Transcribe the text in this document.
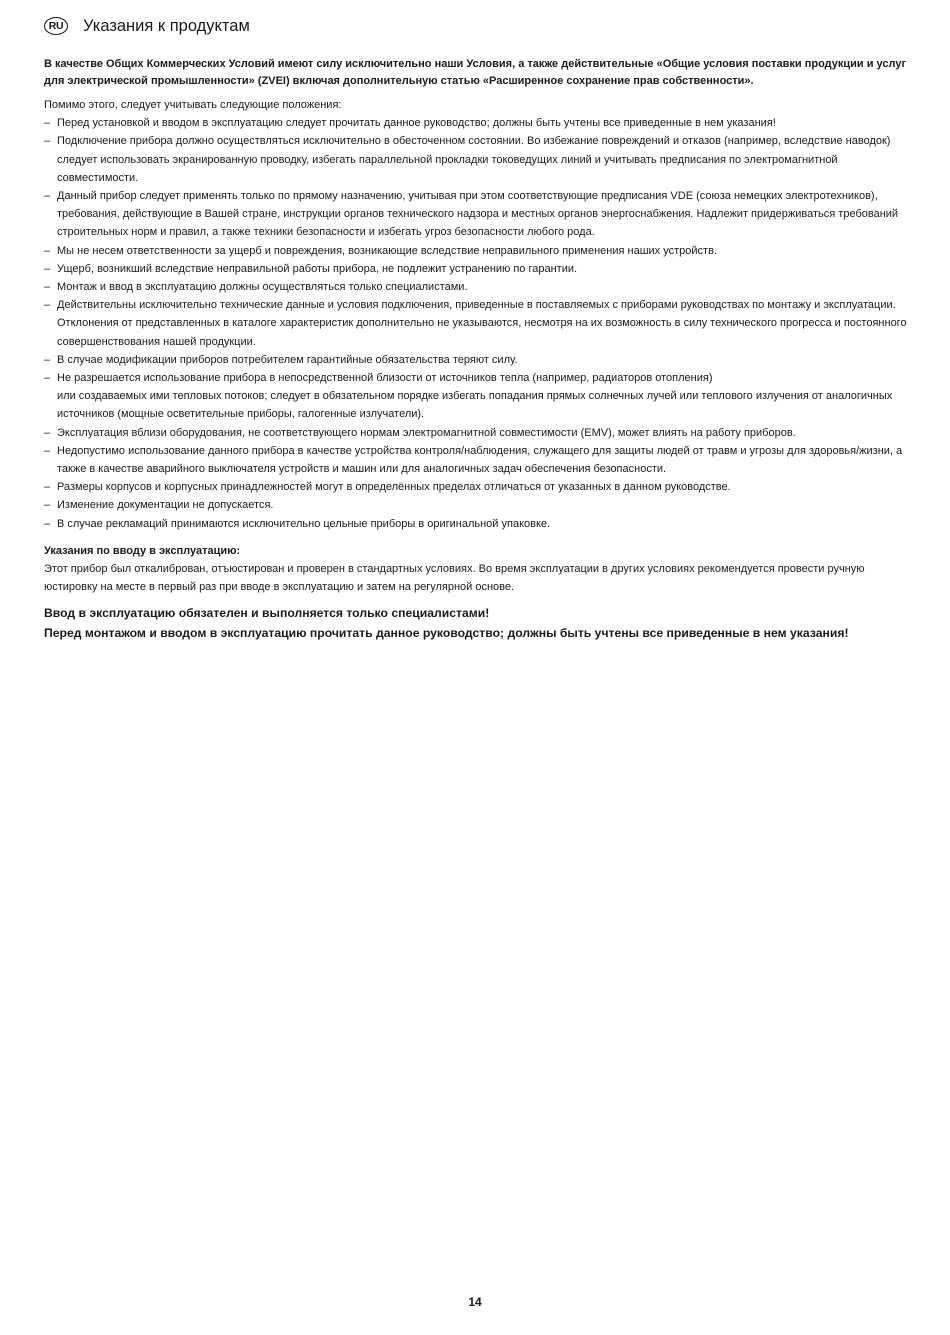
RU Указания к продуктам

В качестве Общих Коммерческих Условий имеют силу исключительно наши Условия, а также действительные «Общие условия поставки продукции и услуг для электрической промышленности» (ZVEI) включая дополнительную статью «Расширенное сохранение прав собственности».

Помимо этого, следует учитывать следующие положения:

– Перед установкой и вводом в эксплуатацию следует прочитать данное руководство; должны быть учтены все приведенные в нем указания!
– Подключение прибора должно осуществляться исключительно в обесточенном состоянии. Во избежание повреждений и отказов (например, вследствие наводок) следует использовать экранированную проводку, избегать параллельной прокладки токоведущих линий и учитывать предписания по электромагнитной совместимости.
– Данный прибор следует применять только по прямому назначению, учитывая при этом соответствующие предписания VDE (союза немецких электротехников), требования, действующие в Вашей стране, инструкции органов технического надзора и местных органов энергоснабжения. Надлежит придерживаться требований строительных норм и правил, а также техники безопасности и избегать угроз безопасности любого рода.
– Мы не несем ответственности за ущерб и повреждения, возникающие вследствие неправильного применения наших устройств.
– Ущерб, возникший вследствие неправильной работы прибора, не подлежит устранению по гарантии.
– Монтаж и ввод в эксплуатацию должны осуществляться только специалистами.
– Действительны исключительно технические данные и условия подключения, приведенные в поставляемых с приборами руководствах по монтажу и эксплуатации. Отклонения от представленных в каталоге характеристик дополнительно не указываются, несмотря на их возможность в силу технического прогресса и постоянного совершенствования нашей продукции.
– В случае модификации приборов потребителем гарантийные обязательства теряют силу.
– Не разрешается использование прибора в непосредственной близости от источников тепла (например, радиаторов отопления)
или создаваемых ими тепловых потоков; следует в обязательном порядке избегать попадания прямых солнечных лучей или теплового излучения от аналогичных источников (мощные осветительные приборы, галогенные излучатели).
– Эксплуатация вблизи оборудования, не соответствующего нормам электромагнитной совместимости (EMV), может влиять на работу приборов.
– Недопустимо использование данного прибора в качестве устройства контроля/наблюдения, служащего для защиты людей от травм и угрозы для здоровья/жизни, а также в качестве аварийного выключателя устройств и машин или для аналогичных задач обеспечения безопасности.
– Размеры корпусов и корпусных принадлежностей могут в определённых пределах отличаться от указанных в данном руководстве.
– Изменение документации не допускается.
– В случае рекламаций принимаются исключительно цельные приборы в оригинальной упаковке.

Указания по вводу в эксплуатацию:

Этот прибор был откалиброван, отъюстирован и проверен в стандартных условиях. Во время эксплуатации в других условиях рекомендуется провести ручную юстировку на месте в первый раз при вводе в эксплуатацию и затем на регулярной основе.

Ввод в эксплуатацию обязателен и выполняется только специалистами!

Перед монтажом и вводом в эксплуатацию прочитать данное руководство; должны быть учтены все приведенные в нем указания!

14
